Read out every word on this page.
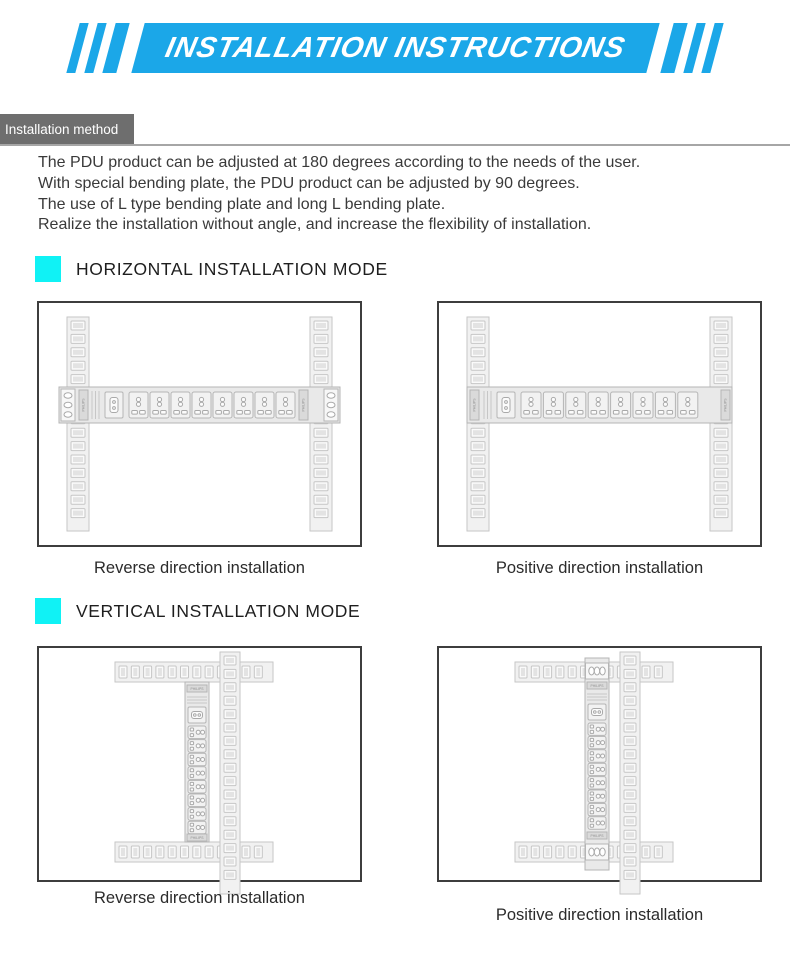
INSTALLATION INSTRUCTIONS
Installation method

The PDU product can be adjusted at 180 degrees according to the needs of the user.

With special bending plate, the PDU product can be adjusted by 90 degrees.

The use of L type bending plate and long L bending plate.

Realize the installation without angle, and increase the flexibility of installation.

HORIZONTAL INSTALLATION MODE
PHILIPS	PHILIPS
Reverse direction installation
PHILIPS	PHILIPS
Positive direction installation
VERTICAL INSTALLATION MODE
PHILIPS
PHILIPS
Reverse direction installation
PHILIPS
PHILIPS
Positive direction installation
